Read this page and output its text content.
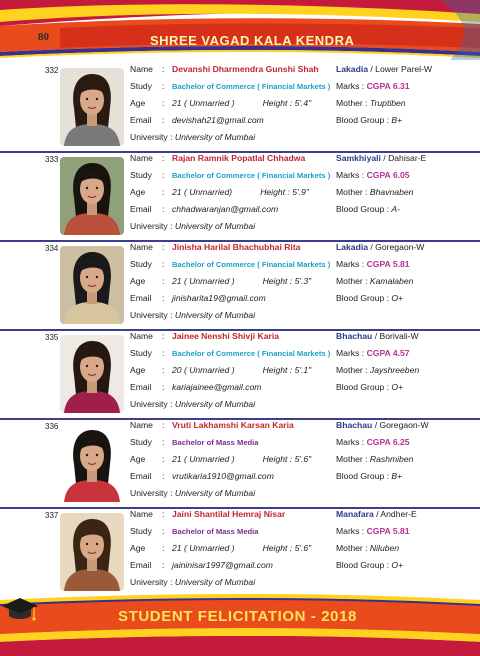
80	SHREE VAGAD KALA KENDRA
332	Name : Devanshi Dharmendra Gunshi Shah
Study : Bachelor of Commerce ( Financial Markets )
Age : 21 ( Unmarried )	Height : 5'.4"
Email : devishah21@gmail.com
University : University of Mumbai
Lakadia / Lower Parel-W
Marks : CGPA 6.31
Mother : Truptiben
Blood Group : B+
333	Name : Rajan Ramnik Popatlal Chhadwa
Study : Bachelor of Commerce ( Financial Markets )
Age : 21 ( Unmarried)	Height : 5'.9"
Email : chhadwaranjan@gmail.com
University : University of Mumbai
Samkhiyali / Dahisar-E
Marks : CGPA 6.05
Mother : Bhavnaben
Blood Group : A-
334	Name : Jinisha Harilal Bhachubhai Rita
Study : Bachelor of Commerce ( Financial Markets )
Age : 21 ( Unmarried )	Height : 5'.3"
Email : jinisharita19@gmail.com
University : University of Mumbai
Lakadia / Goregaon-W
Marks : CGPA 5.81
Mother : Kamalaben
Blood Group : O+
335	Name : Jainee Nenshi Shivji Karia
Study : Bachelor of Commerce ( Financial Markets )
Age : 20 ( Unmarried )	Height : 5'.1"
Email : kariajainee@gmail.com
University : University of Mumbai
Bhachau / Borivali-W
Marks : CGPA 4.57
Mother : Jayshreeben
Blood Group : O+
336	Name : Vruti Lakhamshi Karsan Karia
Study : Bachelor of Mass Media
Age : 21 ( Unmarried )	Height : 5'.6"
Email : vrutikaria1910@gmail.com
University : University of Mumbai
Bhachau / Goregaon-W
Marks : CGPA 6.25
Mother : Rashmiben
Blood Group : B+
337	Name : Jaini Shantilal Hemraj Nisar
Study : Bachelor of Mass Media
Age : 21 ( Unmarried )	Height : 5'.6"
Email : jaininisar1997@gmail.com
University : University of Mumbai
Manafara / Andher-E
Marks : CGPA 5.81
Mother : Niluben
Blood Group : O+
STUDENT FELICITATION - 2018
